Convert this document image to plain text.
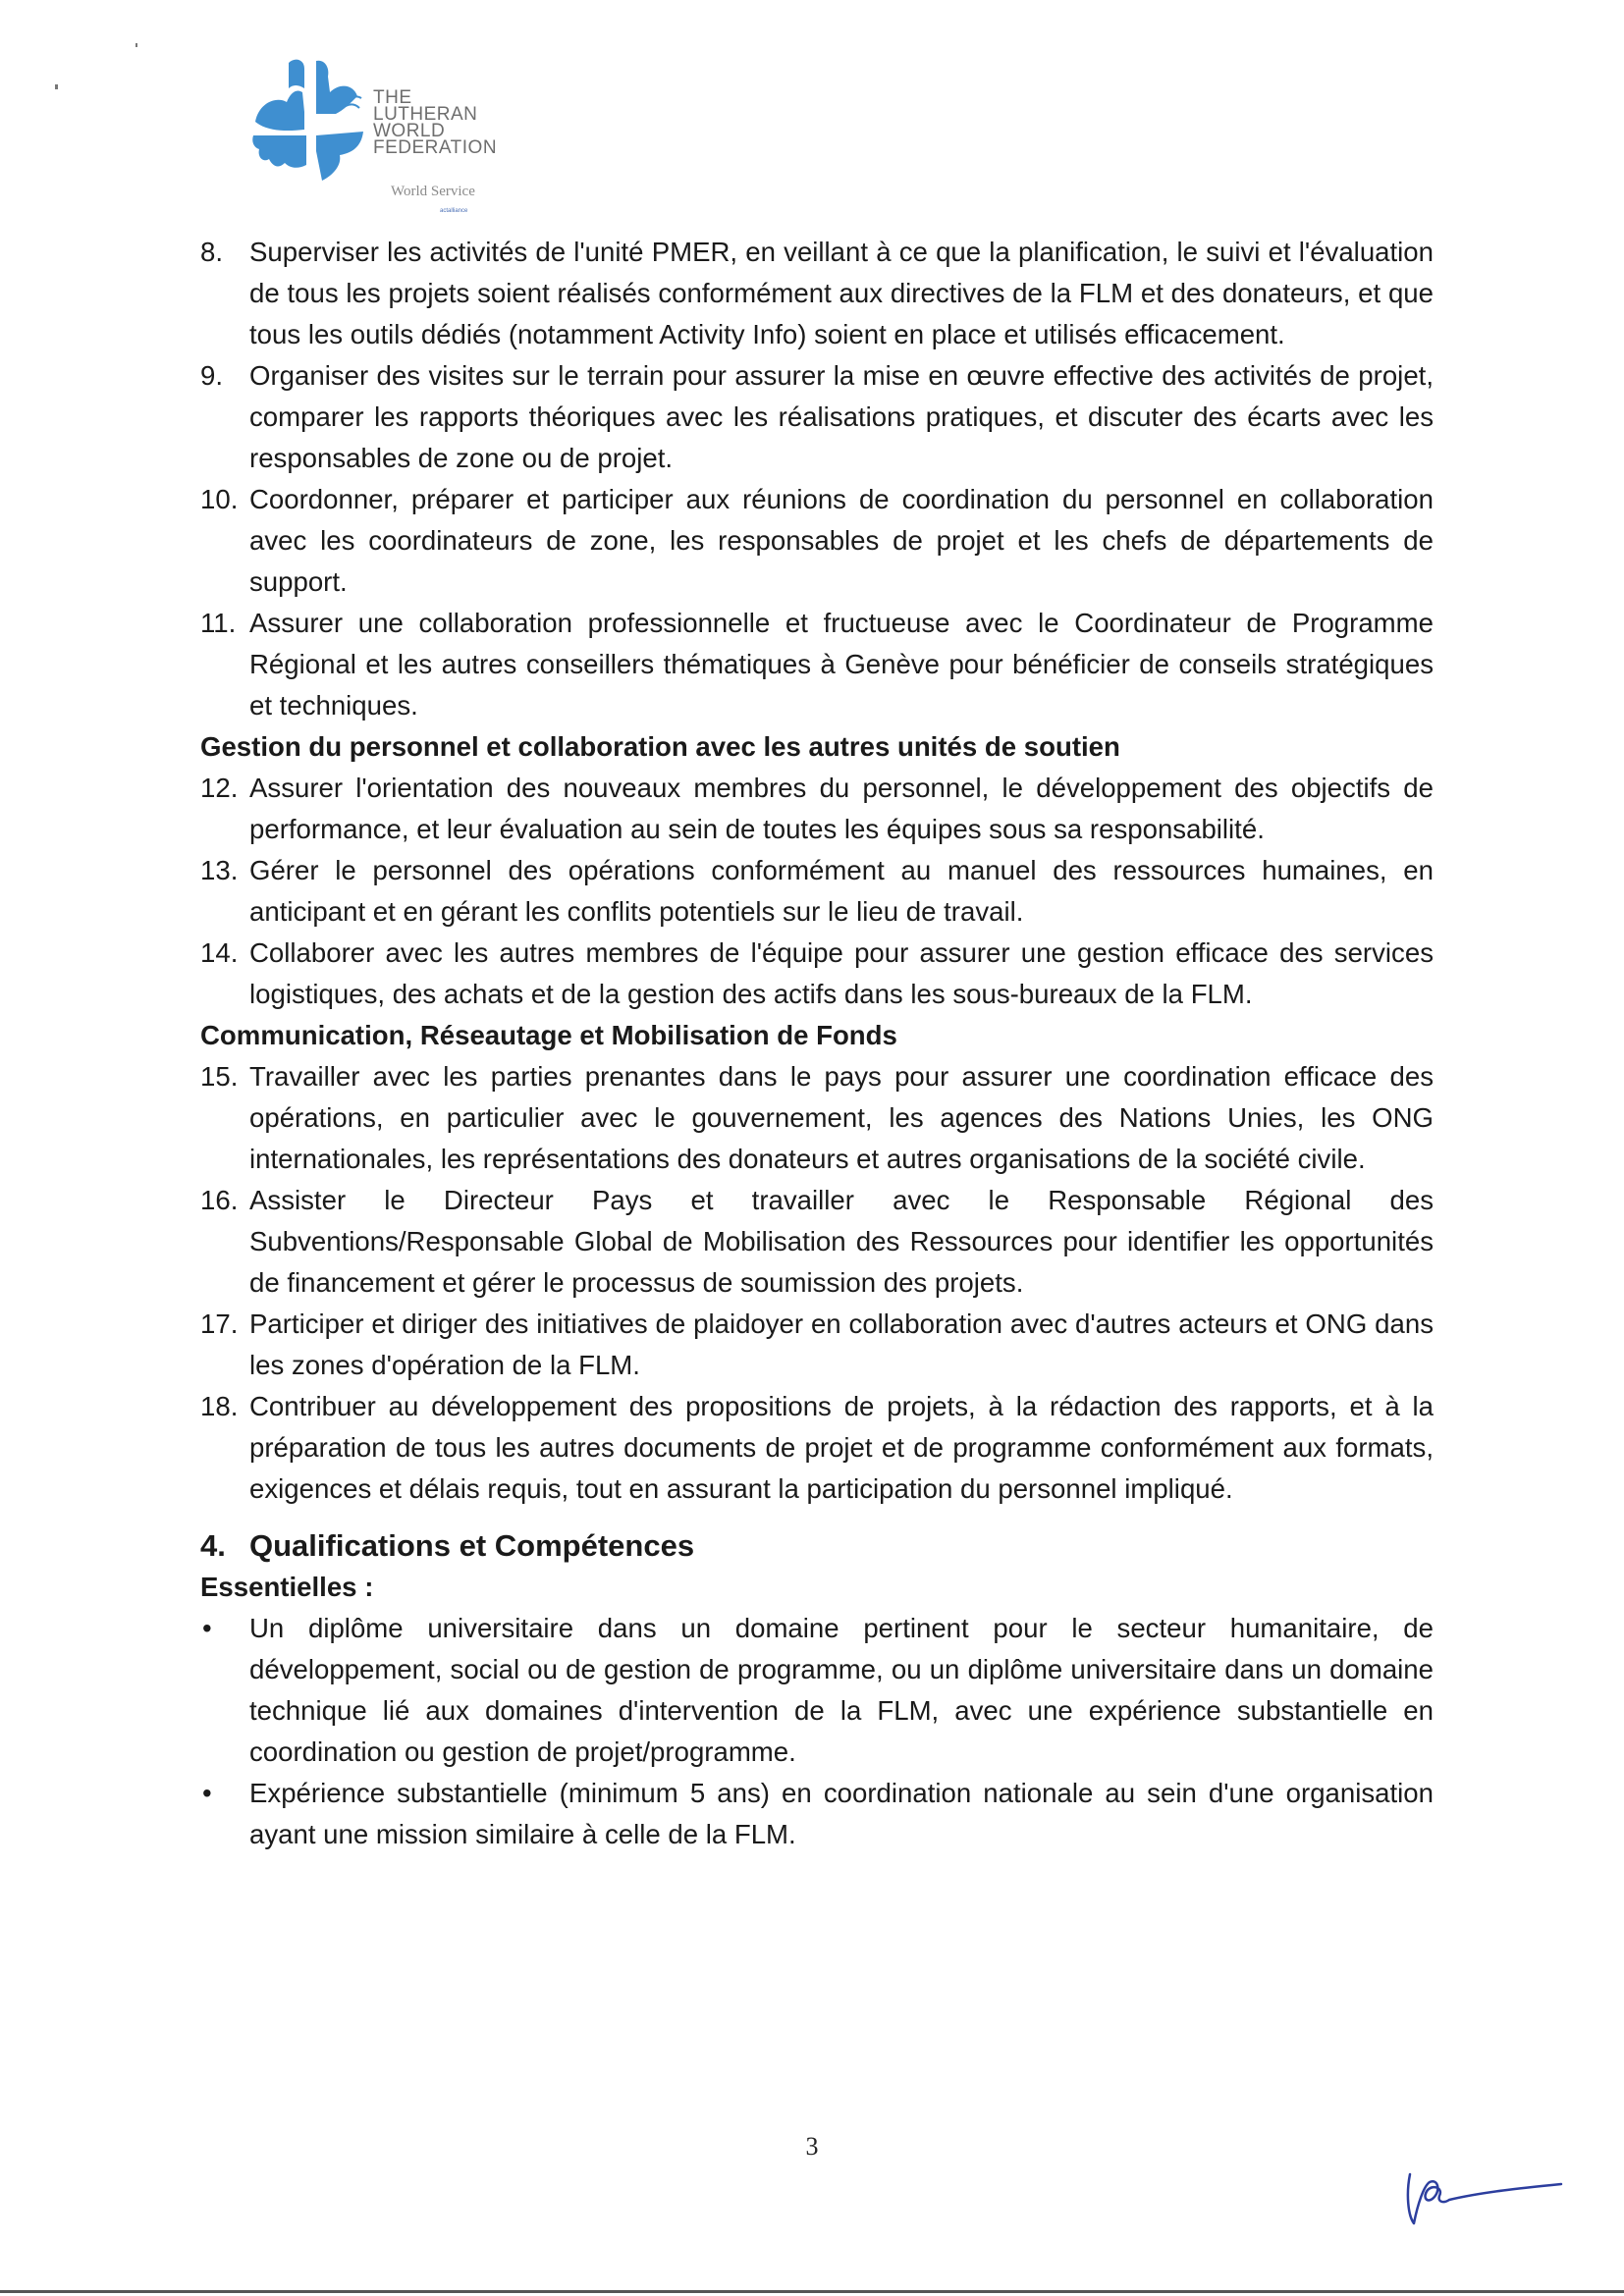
THE
LUTHERAN
WORLD
FEDERATION
World Service
actalliance
8. Superviser les activités de l'unité PMER, en veillant à ce que la planification, le suivi et l'évaluation de tous les projets soient réalisés conformément aux directives de la FLM et des donateurs, et que tous les outils dédiés (notamment Activity Info) soient en place et utilisés efficacement.
9. Organiser des visites sur le terrain pour assurer la mise en œuvre effective des activités de projet, comparer les rapports théoriques avec les réalisations pratiques, et discuter des écarts avec les responsables de zone ou de projet.
10. Coordonner, préparer et participer aux réunions de coordination du personnel en collaboration avec les coordinateurs de zone, les responsables de projet et les chefs de départements de support.
11. Assurer une collaboration professionnelle et fructueuse avec le Coordinateur de Programme Régional et les autres conseillers thématiques à Genève pour bénéficier de conseils stratégiques et techniques.
Gestion du personnel et collaboration avec les autres unités de soutien
12. Assurer l'orientation des nouveaux membres du personnel, le développement des objectifs de performance, et leur évaluation au sein de toutes les équipes sous sa responsabilité.
13. Gérer le personnel des opérations conformément au manuel des ressources humaines, en anticipant et en gérant les conflits potentiels sur le lieu de travail.
14. Collaborer avec les autres membres de l'équipe pour assurer une gestion efficace des services logistiques, des achats et de la gestion des actifs dans les sous-bureaux de la FLM.
Communication, Réseautage et Mobilisation de Fonds
15. Travailler avec les parties prenantes dans le pays pour assurer une coordination efficace des opérations, en particulier avec le gouvernement, les agences des Nations Unies, les ONG internationales, les représentations des donateurs et autres organisations de la société civile.
16. Assister le Directeur Pays et travailler avec le Responsable Régional des Subventions/Responsable Global de Mobilisation des Ressources pour identifier les opportunités de financement et gérer le processus de soumission des projets.
17. Participer et diriger des initiatives de plaidoyer en collaboration avec d'autres acteurs et ONG dans les zones d'opération de la FLM.
18. Contribuer au développement des propositions de projets, à la rédaction des rapports, et à la préparation de tous les autres documents de projet et de programme conformément aux formats, exigences et délais requis, tout en assurant la participation du personnel impliqué.
4. Qualifications et Compétences
Essentielles :
•	Un diplôme universitaire dans un domaine pertinent pour le secteur humanitaire, de développement, social ou de gestion de programme, ou un diplôme universitaire dans un domaine technique lié aux domaines d'intervention de la FLM, avec une expérience substantielle en coordination ou gestion de projet/programme.
•	Expérience substantielle (minimum 5 ans) en coordination nationale au sein d'une organisation ayant une mission similaire à celle de la FLM.
3
